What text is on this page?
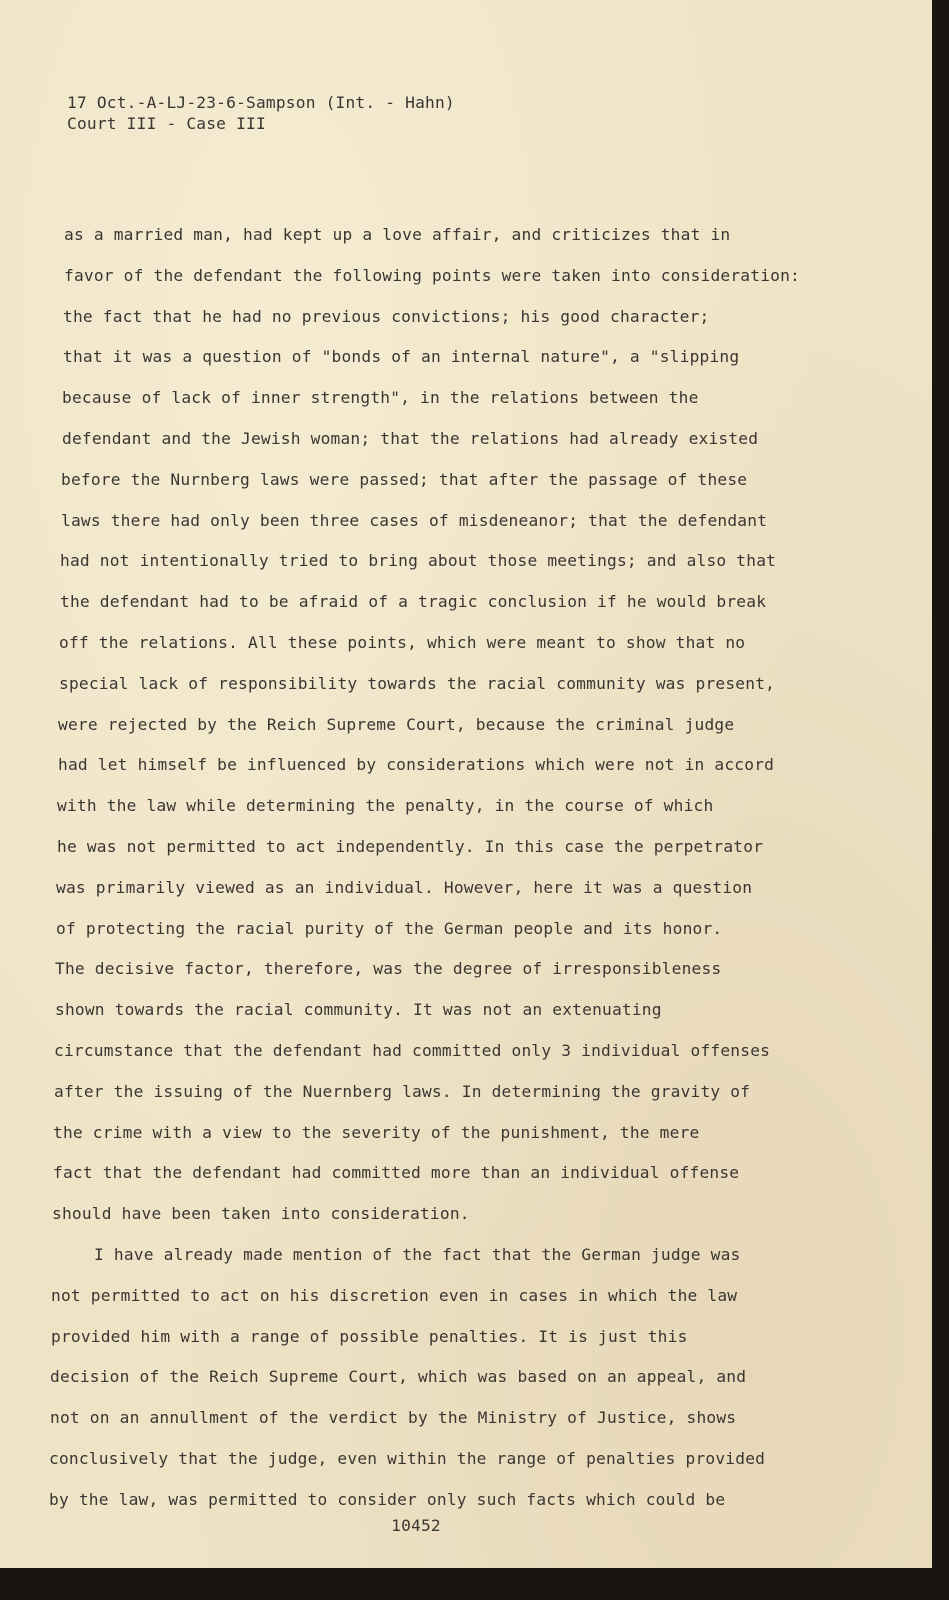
17 Oct.-A-LJ-23-6-Sampson (Int. - Hahn)
Court III - Case III
as a married man, had kept up a love affair, and criticizes that in
favor of the defendant the following points were taken into consideration:
the fact that he had no previous convictions; his good character;
that it was a question of "bonds of an internal nature", a "slipping
because of lack of inner strength", in the relations between the
defendant and the Jewish woman; that the relations had already existed
before the Nurnberg laws were passed; that after the passage of these
laws there had only been three cases of misdeneanor; that the defendant
had not intentionally tried to bring about those meetings; and also that
the defendant had to be afraid of a tragic conclusion if he would break
off the relations. All these points, which were meant to show that no
special lack of responsibility towards the racial community was present,
were rejected by the Reich Supreme Court, because the criminal judge
had let himself be influenced by considerations which were not in accord
with the law while determining the penalty, in the course of which
he was not permitted to act independently. In this case the perpetrator
was primarily viewed as an individual. However, here it was a question
of protecting the racial purity of the German people and its honor.
The decisive factor, therefore, was the degree of irresponsibleness
shown towards the racial community. It was not an extenuating
circumstance that the defendant had committed only 3 individual offenses
after the issuing of the Nuernberg laws. In determining the gravity of
the crime with a view to the severity of the punishment, the mere
fact that the defendant had committed more than an individual offense
should have been taken into consideration.
I have already made mention of the fact that the German judge was
not permitted to act on his discretion even in cases in which the law
provided him with a range of possible penalties. It is just this
decision of the Reich Supreme Court, which was based on an appeal, and
not on an annullment of the verdict by the Ministry of Justice, shows
conclusively that the judge, even within the range of penalties provided
by the law, was permitted to consider only such facts which could be
10452
